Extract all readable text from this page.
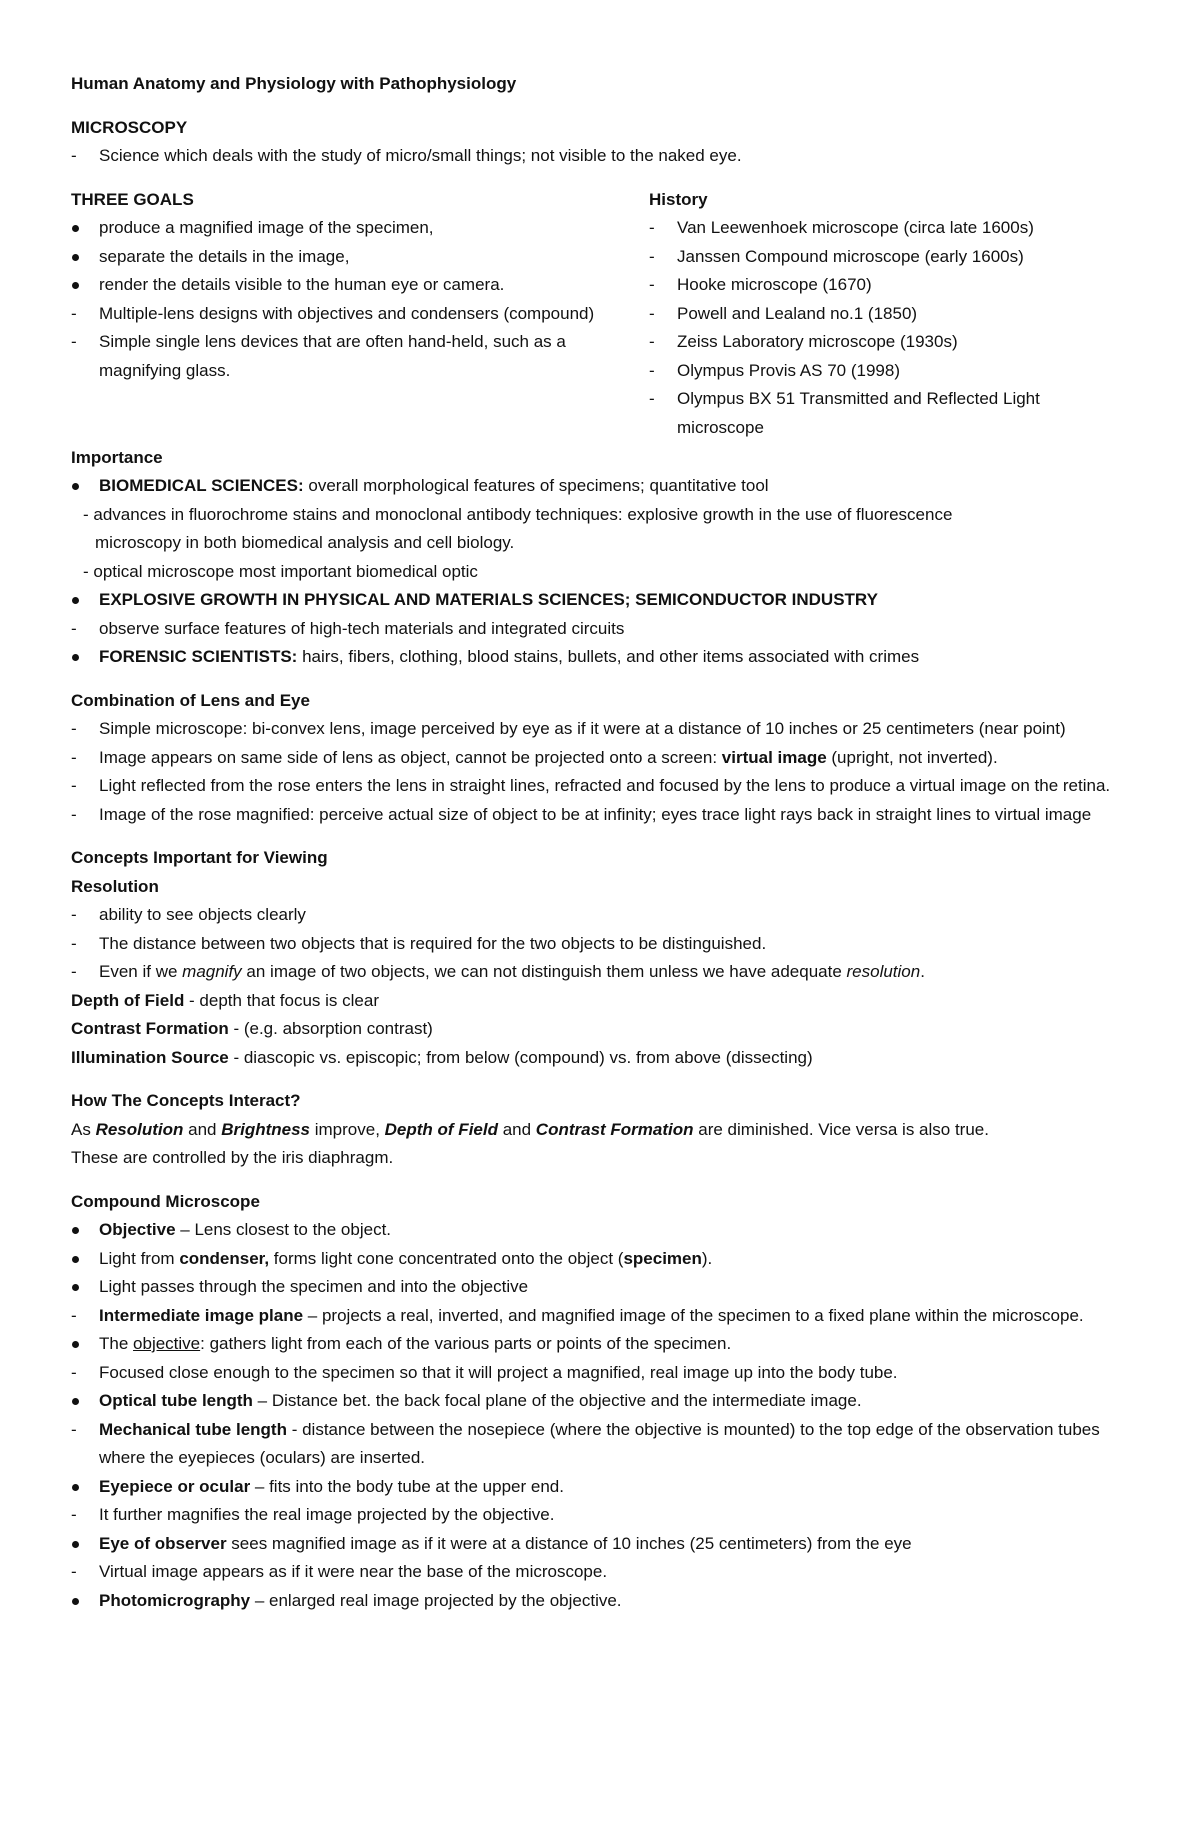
Human Anatomy and Physiology with Pathophysiology
MICROSCOPY
-	Science which deals with the study of micro/small things; not visible to the naked eye.
THREE GOALS
produce a magnified image of the specimen,
separate the details in the image,
render the details visible to the human eye or camera.
-	Multiple-lens designs with objectives and condensers (compound)
-	Simple single lens devices that are often hand-held, such as a magnifying glass.
History
-	Van Leewenhoek microscope (circa late 1600s)
-	Janssen Compound microscope (early 1600s)
-	Hooke microscope (1670)
-	Powell and Lealand no.1 (1850)
-	Zeiss Laboratory microscope (1930s)
-	Olympus Provis AS 70 (1998)
-	Olympus BX 51 Transmitted and Reflected Light microscope
Importance
BIOMEDICAL SCIENCES: overall morphological features of specimens; quantitative tool
- advances in fluorochrome stains and monoclonal antibody techniques: explosive growth in the use of fluorescence
microscopy in both biomedical analysis and cell biology.
- optical microscope most important biomedical optic
EXPLOSIVE GROWTH IN PHYSICAL AND MATERIALS SCIENCES; SEMICONDUCTOR INDUSTRY
-	observe surface features of high-tech materials and integrated circuits
FORENSIC SCIENTISTS: hairs, fibers, clothing, blood stains, bullets, and other items associated with crimes
Combination of Lens and Eye
-	Simple microscope: bi-convex lens, image perceived by eye as if it were at a distance of 10 inches or 25 centimeters (near point)
-	Image appears on same side of lens as object, cannot be projected onto a screen: virtual image (upright, not inverted).
-	Light reflected from the rose enters the lens in straight lines, refracted and focused by the lens to produce a virtual image on the retina.
-	Image of the rose magnified: perceive actual size of object to be at infinity; eyes trace light rays back in straight lines to virtual image
Concepts Important for Viewing
Resolution
-	ability to see objects clearly
-	The distance between two objects that is required for the two objects to be distinguished.
-	Even if we magnify an image of two objects, we can not distinguish them unless we have adequate resolution.
Depth of Field - depth that focus is clear
Contrast Formation - (e.g. absorption contrast)
Illumination Source - diascopic vs. episcopic; from below (compound) vs. from above (dissecting)
How The Concepts Interact?
As Resolution and Brightness improve, Depth of Field and Contrast Formation are diminished. Vice versa is also true.
These are controlled by the iris diaphragm.
Compound Microscope
Objective – Lens closest to the object.
Light from condenser, forms light cone concentrated onto the object (specimen).
Light passes through the specimen and into the objective
-	Intermediate image plane – projects a real, inverted, and magnified image of the specimen to a fixed plane within the microscope.
The objective: gathers light from each of the various parts or points of the specimen.
-	Focused close enough to the specimen so that it will project a magnified, real image up into the body tube.
Optical tube length – Distance bet. the back focal plane of the objective and the intermediate image.
-	Mechanical tube length - distance between the nosepiece (where the objective is mounted) to the top edge of the observation tubes where the eyepieces (oculars) are inserted.
Eyepiece or ocular – fits into the body tube at the upper end.
-	It further magnifies the real image projected by the objective.
Eye of observer sees magnified image as if it were at a distance of 10 inches (25 centimeters) from the eye
-	Virtual image appears as if it were near the base of the microscope.
Photomicrography – enlarged real image projected by the objective.
